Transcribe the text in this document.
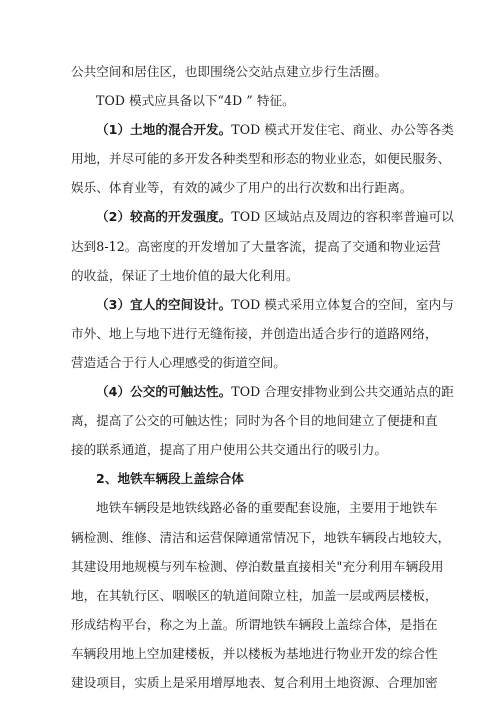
公共空间和居住区，也即围绕公交站点建立步行生活圈。
TOD 模式应具备以下“4D ” 特征。
（1）土地的混合开发。TOD 模式开发住宅、商业、办公等各类
用地，并尽可能的多开发各种类型和形态的物业业态，如便民服务、
娱乐、体育业等，有效的减少了用户的出行次数和出行距离。
（2）较高的开发强度。TOD 区域站点及周边的容积率普遍可以
达到8-12。高密度的开发增加了大量客流，提高了交通和物业运营
的收益，保证了土地价值的最大化利用。
（3）宜人的空间设计。TOD 模式采用立体复合的空间，室内与
市外、地上与地下进行无缝衔接，并创造出适合步行的道路网络，
营造适合于行人心理感受的街道空间。
（4）公交的可触达性。TOD 合理安排物业到公共交通站点的距
离，提高了公交的可触达性；同时为各个目的地间建立了便捷和直
接的联系通道，提高了用户使用公共交通出行的吸引力。
2、地铁车辆段上盖综合体
地铁车辆段是地铁线路必备的重要配套设施，主要用于地铁车
辆检测、维修、清洁和运营保障通常情况下，地铁车辆段占地较大，
其建设用地规模与列车检测、停泊数量直接相关"充分利用车辆段用
地，在其轨行区、咽喉区的轨道间隙立柱，加盖一层或两层楼板，
形成结构平台，称之为上盖。所谓地铁车辆段上盖综合体，是指在
车辆段用地上空加建楼板，并以楼板为基地进行物业开发的综合性
建设项目，实质上是采用增厚地表、复合利用土地资源、合理加密
